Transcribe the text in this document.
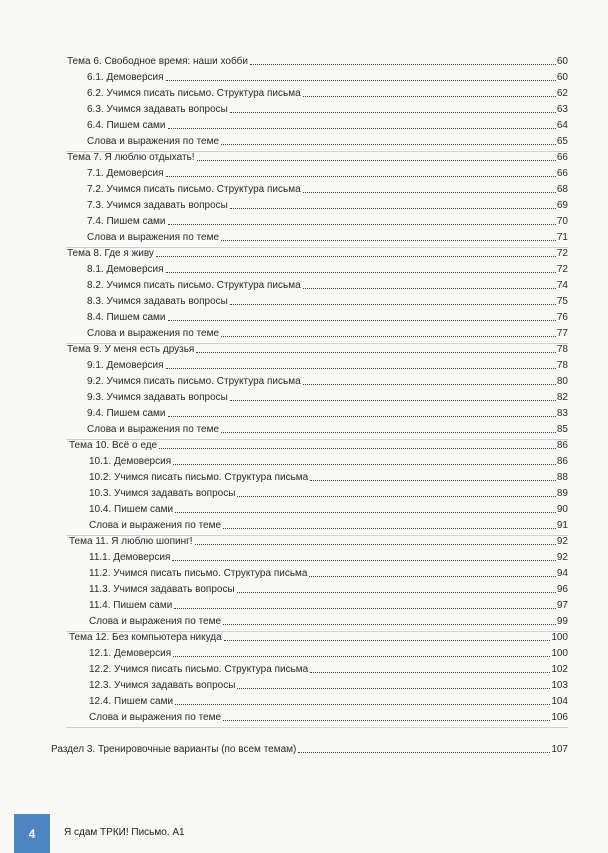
Тема 6. Свободное время: наши хобби	60
6.1. Демоверсия	60
6.2. Учимся писать письмо. Структура письма	62
6.3. Учимся задавать вопросы	63
6.4. Пишем сами	64
Слова и выражения по теме	65
Тема 7. Я люблю отдыхать!	66
7.1. Демоверсия	66
7.2. Учимся писать письмо. Структура письма	68
7.3. Учимся задавать вопросы	69
7.4. Пишем сами	70
Слова и выражения по теме	71
Тема 8. Где я живу	72
8.1. Демоверсия	72
8.2. Учимся писать письмо. Структура письма	74
8.3. Учимся задавать вопросы	75
8.4. Пишем сами	76
Слова и выражения по теме	77
Тема 9. У меня есть друзья	78
9.1. Демоверсия	78
9.2. Учимся писать письмо. Структура письма	80
9.3. Учимся задавать вопросы	82
9.4. Пишем сами	83
Слова и выражения по теме	85
Тема 10. Всё о еде	86
10.1. Демоверсия	86
10.2. Учимся писать письмо. Структура письма	88
10.3. Учимся задавать вопросы	89
10.4. Пишем сами	90
Слова и выражения по теме	91
Тема 11. Я люблю шопинг!	92
11.1. Демоверсия	92
11.2. Учимся писать письмо. Структура письма	94
11.3. Учимся задавать вопросы	96
11.4. Пишем сами	97
Слова и выражения по теме	99
Тема 12. Без компьютера никуда	100
12.1. Демоверсия	100
12.2. Учимся писать письмо. Структура письма	102
12.3. Учимся задавать вопросы	103
12.4. Пишем сами	104
Слова и выражения по теме	106
Раздел 3. Тренировочные варианты (по всем темам)	107
4	Я сдам ТРКИ! Письмо. А1
